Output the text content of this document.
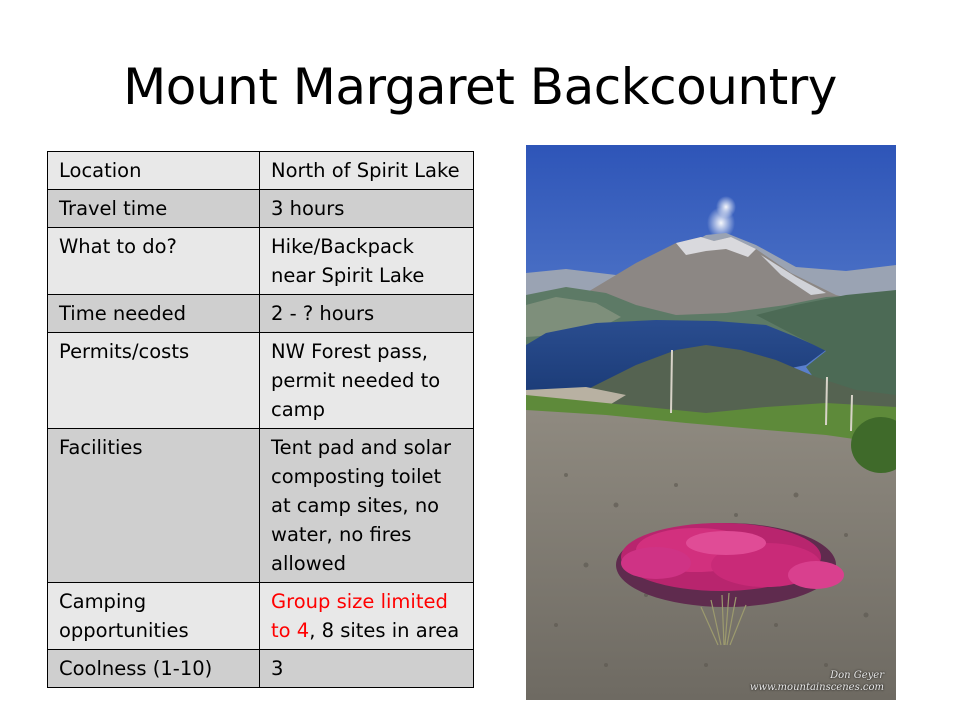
Mount Margaret Backcountry
Location	North of Spirit Lake
Travel time	3 hours
What to do?	Hike/Backpack near Spirit Lake
Time needed	2 - ? hours
Permits/costs	NW Forest pass, permit needed to camp
Facilities	Tent pad and solar composting toilet at camp sites, no water, no fires allowed
Camping opportunities	Group size limited to 4, 8 sites in area
Coolness (1-10)	3	Don Geyer
www.mountainscenes.com
